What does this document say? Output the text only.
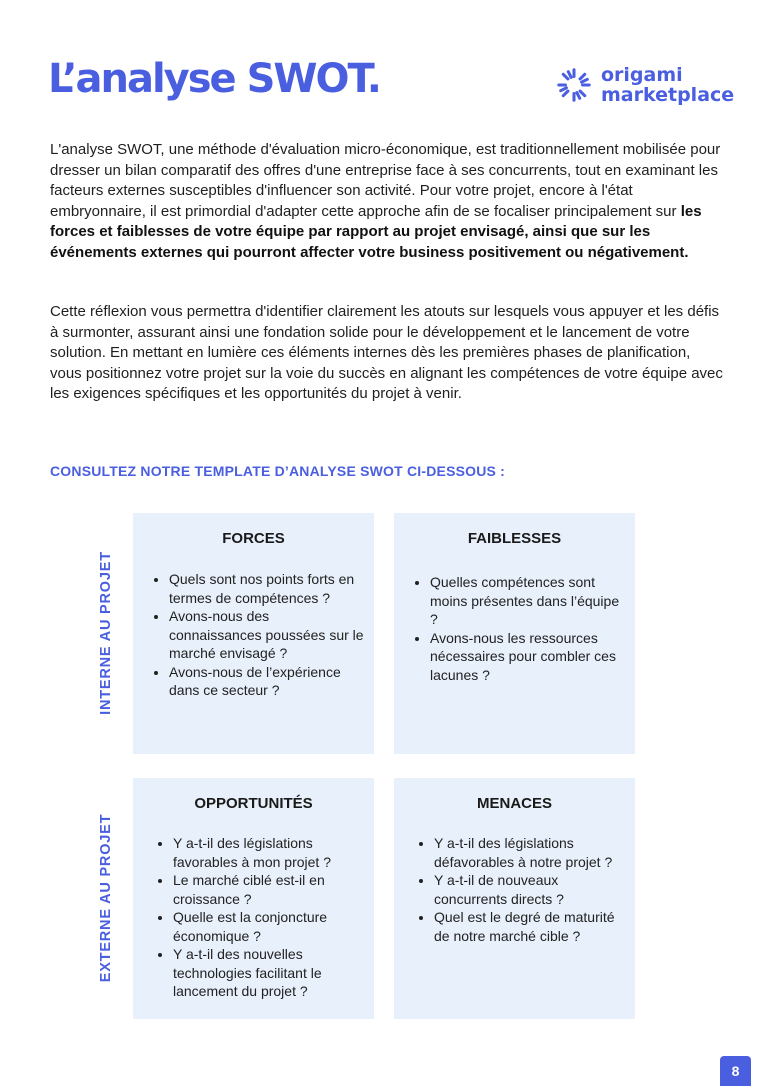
L’analyse SWOT.	origami
marketplace

L'analyse SWOT, une méthode d'évaluation micro-économique, est traditionnellement mobilisée pour dresser un bilan comparatif des offres d'une entreprise face à ses concurrents, tout en examinant les facteurs externes susceptibles d'influencer son activité. Pour votre projet, encore à l'état embryonnaire, il est primordial d'adapter cette approche afin de se focaliser principalement sur les forces et faiblesses de votre équipe par rapport au projet envisagé, ainsi que sur les événements externes qui pourront affecter votre business positivement ou négativement.

Cette réflexion vous permettra d'identifier clairement les atouts sur lesquels vous appuyer et les défis à surmonter, assurant ainsi une fondation solide pour le développement et le lancement de votre solution. En mettant en lumière ces éléments internes dès les premières phases de planification, vous positionnez votre projet sur la voie du succès en alignant les compétences de votre équipe avec les exigences spécifiques et les opportunités du projet à venir.

CONSULTEZ NOTRE TEMPLATE D’ANALYSE SWOT CI-DESSOUS :
INTERNE AU PROJET
EXTERNE AU PROJET
FORCES
• Quels sont nos points forts en termes de compétences ?
• Avons-nous des connaissances poussées sur le marché envisagé ?
• Avons-nous de l’expérience dans ce secteur ?
FAIBLESSES
• Quelles compétences sont moins présentes dans l’équipe ?
• Avons-nous les ressources nécessaires pour combler ces lacunes ?
OPPORTUNITÉS
• Y a-t-il des législations favorables à mon projet ?
• Le marché ciblé est-il en croissance ?
• Quelle est la conjoncture économique ?
• Y a-t-il des nouvelles technologies facilitant le lancement du projet ?
MENACES
• Y a-t-il des législations défavorables à notre projet ?
• Y a-t-il de nouveaux concurrents directs ?
• Quel est le degré de maturité de notre marché cible ?
8
